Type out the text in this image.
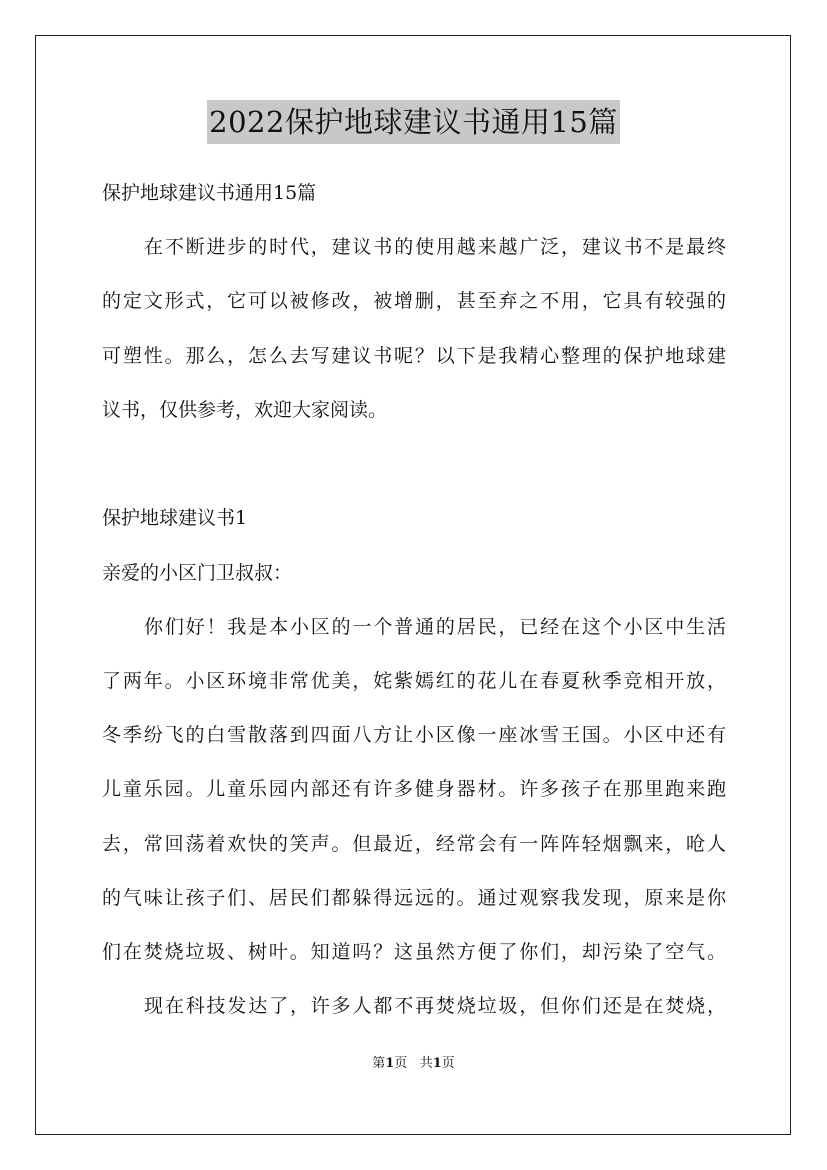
2022保护地球建议书通用15篇
保护地球建议书通用15篇
在不断进步的时代，建议书的使用越来越广泛，建议书不是最终
的定文形式，它可以被修改，被增删，甚至弃之不用，它具有较强的
可塑性。那么，怎么去写建议书呢？以下是我精心整理的保护地球建
议书，仅供参考，欢迎大家阅读。
保护地球建议书1
亲爱的小区门卫叔叔：
你们好！我是本小区的一个普通的居民，已经在这个小区中生活
了两年。小区环境非常优美，姹紫嫣红的花儿在春夏秋季竞相开放，
冬季纷飞的白雪散落到四面八方让小区像一座冰雪王国。小区中还有
儿童乐园。儿童乐园内部还有许多健身器材。许多孩子在那里跑来跑
去，常回荡着欢快的笑声。但最近，经常会有一阵阵轻烟飘来，呛人
的气味让孩子们、居民们都躲得远远的。通过观察我发现，原来是你
们在焚烧垃圾、树叶。知道吗？这虽然方便了你们，却污染了空气。
现在科技发达了，许多人都不再焚烧垃圾，但你们还是在焚烧，
第1页 共1页
